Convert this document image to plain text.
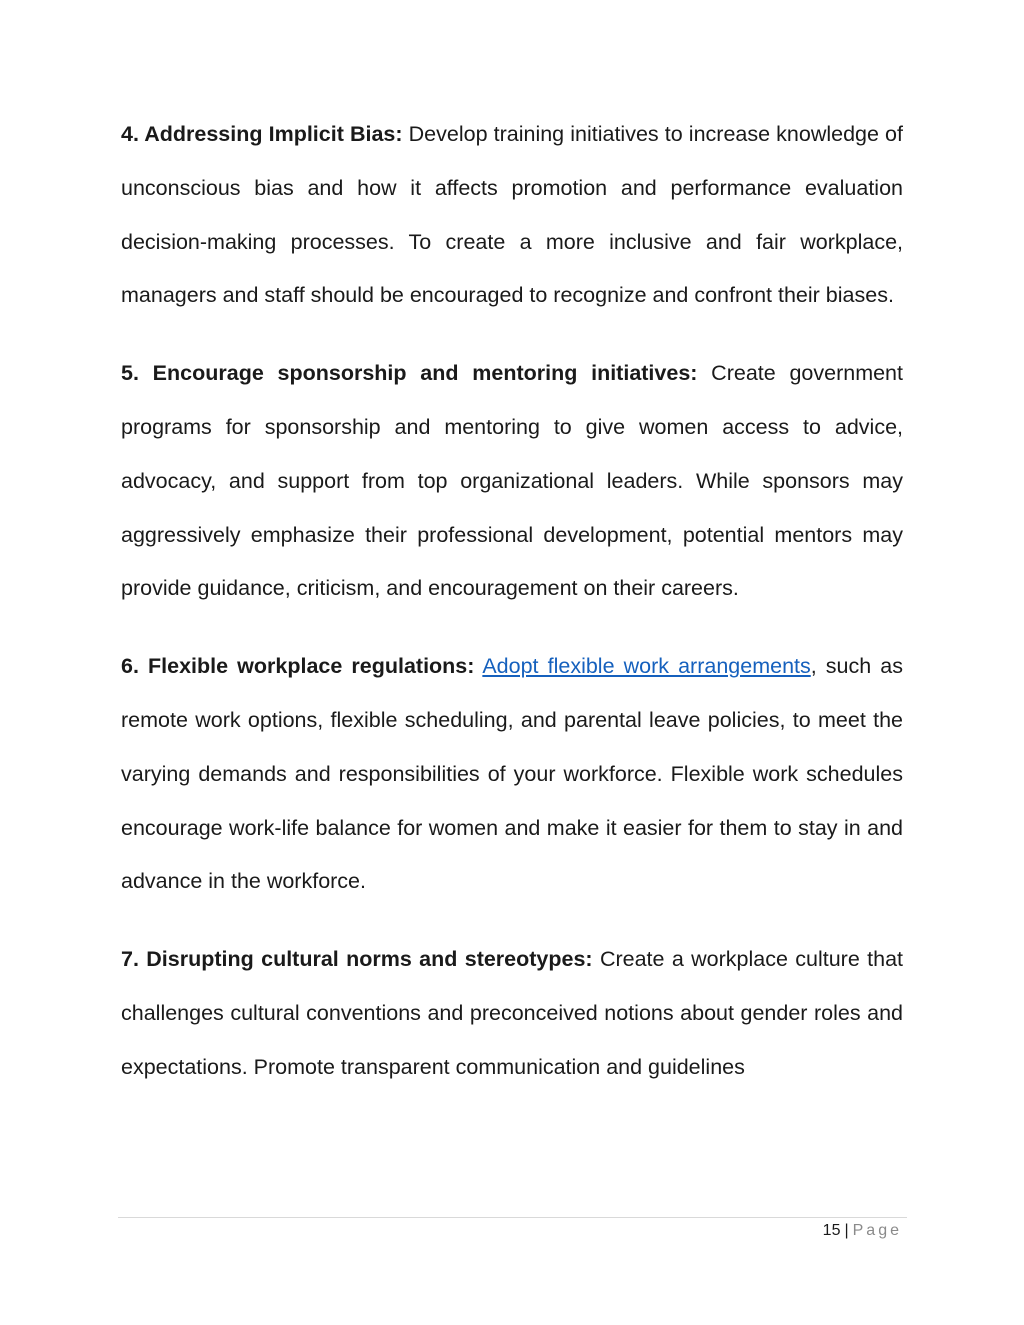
4. Addressing Implicit Bias: Develop training initiatives to increase knowledge of unconscious bias and how it affects promotion and performance evaluation decision-making processes. To create a more inclusive and fair workplace, managers and staff should be encouraged to recognize and confront their biases.

5. Encourage sponsorship and mentoring initiatives: Create government programs for sponsorship and mentoring to give women access to advice, advocacy, and support from top organizational leaders. While sponsors may aggressively emphasize their professional development, potential mentors may provide guidance, criticism, and encouragement on their careers.

6. Flexible workplace regulations: Adopt flexible work arrangements, such as remote work options, flexible scheduling, and parental leave policies, to meet the varying demands and responsibilities of your workforce. Flexible work schedules encourage work-life balance for women and make it easier for them to stay in and advance in the workforce.

7. Disrupting cultural norms and stereotypes: Create a workplace culture that challenges cultural conventions and preconceived notions about gender roles and expectations. Promote transparent communication and guidelines

15 | Page
